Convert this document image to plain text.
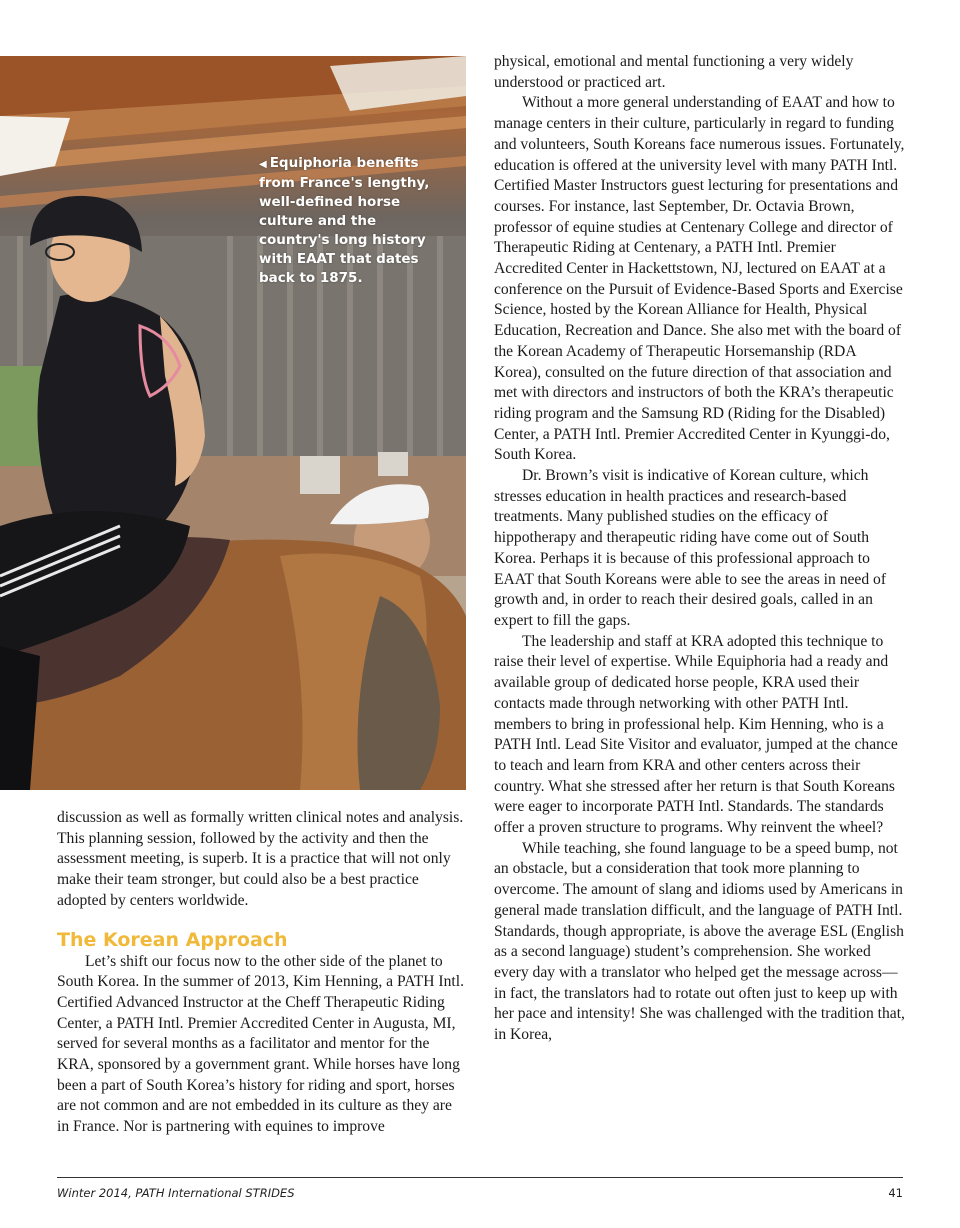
◀ Equiphoria benefits from France's lengthy, well-defined horse culture and the country's long history with EAAT that dates back to 1875.

discussion as well as formally written clinical notes and analysis. This planning session, followed by the activity and then the assessment meeting, is superb. It is a practice that will not only make their team stronger, but could also be a best practice adopted by centers worldwide.

The Korean Approach

Let’s shift our focus now to the other side of the planet to South Korea. In the summer of 2013, Kim Henning, a PATH Intl. Certified Advanced Instructor at the Cheff Therapeutic Riding Center, a PATH Intl. Premier Accredited Center in Augusta, MI, served for several months as a facilitator and mentor for the KRA, sponsored by a government grant. While horses have long been a part of South Korea’s history for riding and sport, horses are not common and are not embedded in its culture as they are in France. Nor is partnering with equines to improve

physical, emotional and mental functioning a very widely understood or practiced art.

Without a more general understanding of EAAT and how to manage centers in their culture, particularly in regard to funding and volunteers, South Koreans face numerous issues. Fortunately, education is offered at the university level with many PATH Intl. Certified Master Instructors guest lecturing for presentations and courses. For instance, last September, Dr. Octavia Brown, professor of equine studies at Centenary College and director of Therapeutic Riding at Centenary, a PATH Intl. Premier Accredited Center in Hackettstown, NJ, lectured on EAAT at a conference on the Pursuit of Evidence-Based Sports and Exercise Science, hosted by the Korean Alliance for Health, Physical Education, Recreation and Dance. She also met with the board of the Korean Academy of Therapeutic Horsemanship (RDA Korea), consulted on the future direction of that association and met with directors and instructors of both the KRA’s therapeutic riding program and the Samsung RD (Riding for the Disabled) Center, a PATH Intl. Premier Accredited Center in Kyunggi-do, South Korea.

Dr. Brown’s visit is indicative of Korean culture, which stresses education in health practices and research-based treatments. Many published studies on the efficacy of hippotherapy and therapeutic riding have come out of South Korea. Perhaps it is because of this professional approach to EAAT that South Koreans were able to see the areas in need of growth and, in order to reach their desired goals, called in an expert to fill the gaps.

The leadership and staff at KRA adopted this technique to raise their level of expertise. While Equiphoria had a ready and available group of dedicated horse people, KRA used their contacts made through networking with other PATH Intl. members to bring in professional help. Kim Henning, who is a PATH Intl. Lead Site Visitor and evaluator, jumped at the chance to teach and learn from KRA and other centers across their country. What she stressed after her return is that South Koreans were eager to incorporate PATH Intl. Standards. The standards offer a proven structure to programs. Why reinvent the wheel?

While teaching, she found language to be a speed bump, not an obstacle, but a consideration that took more planning to overcome. The amount of slang and idioms used by Americans in general made translation difficult, and the language of PATH Intl. Standards, though appropriate, is above the average ESL (English as a second language) student’s comprehension. She worked every day with a translator who helped get the message across—in fact, the translators had to rotate out often just to keep up with her pace and intensity! She was challenged with the tradition that, in Korea,

Winter 2014, PATH International STRIDES	41
